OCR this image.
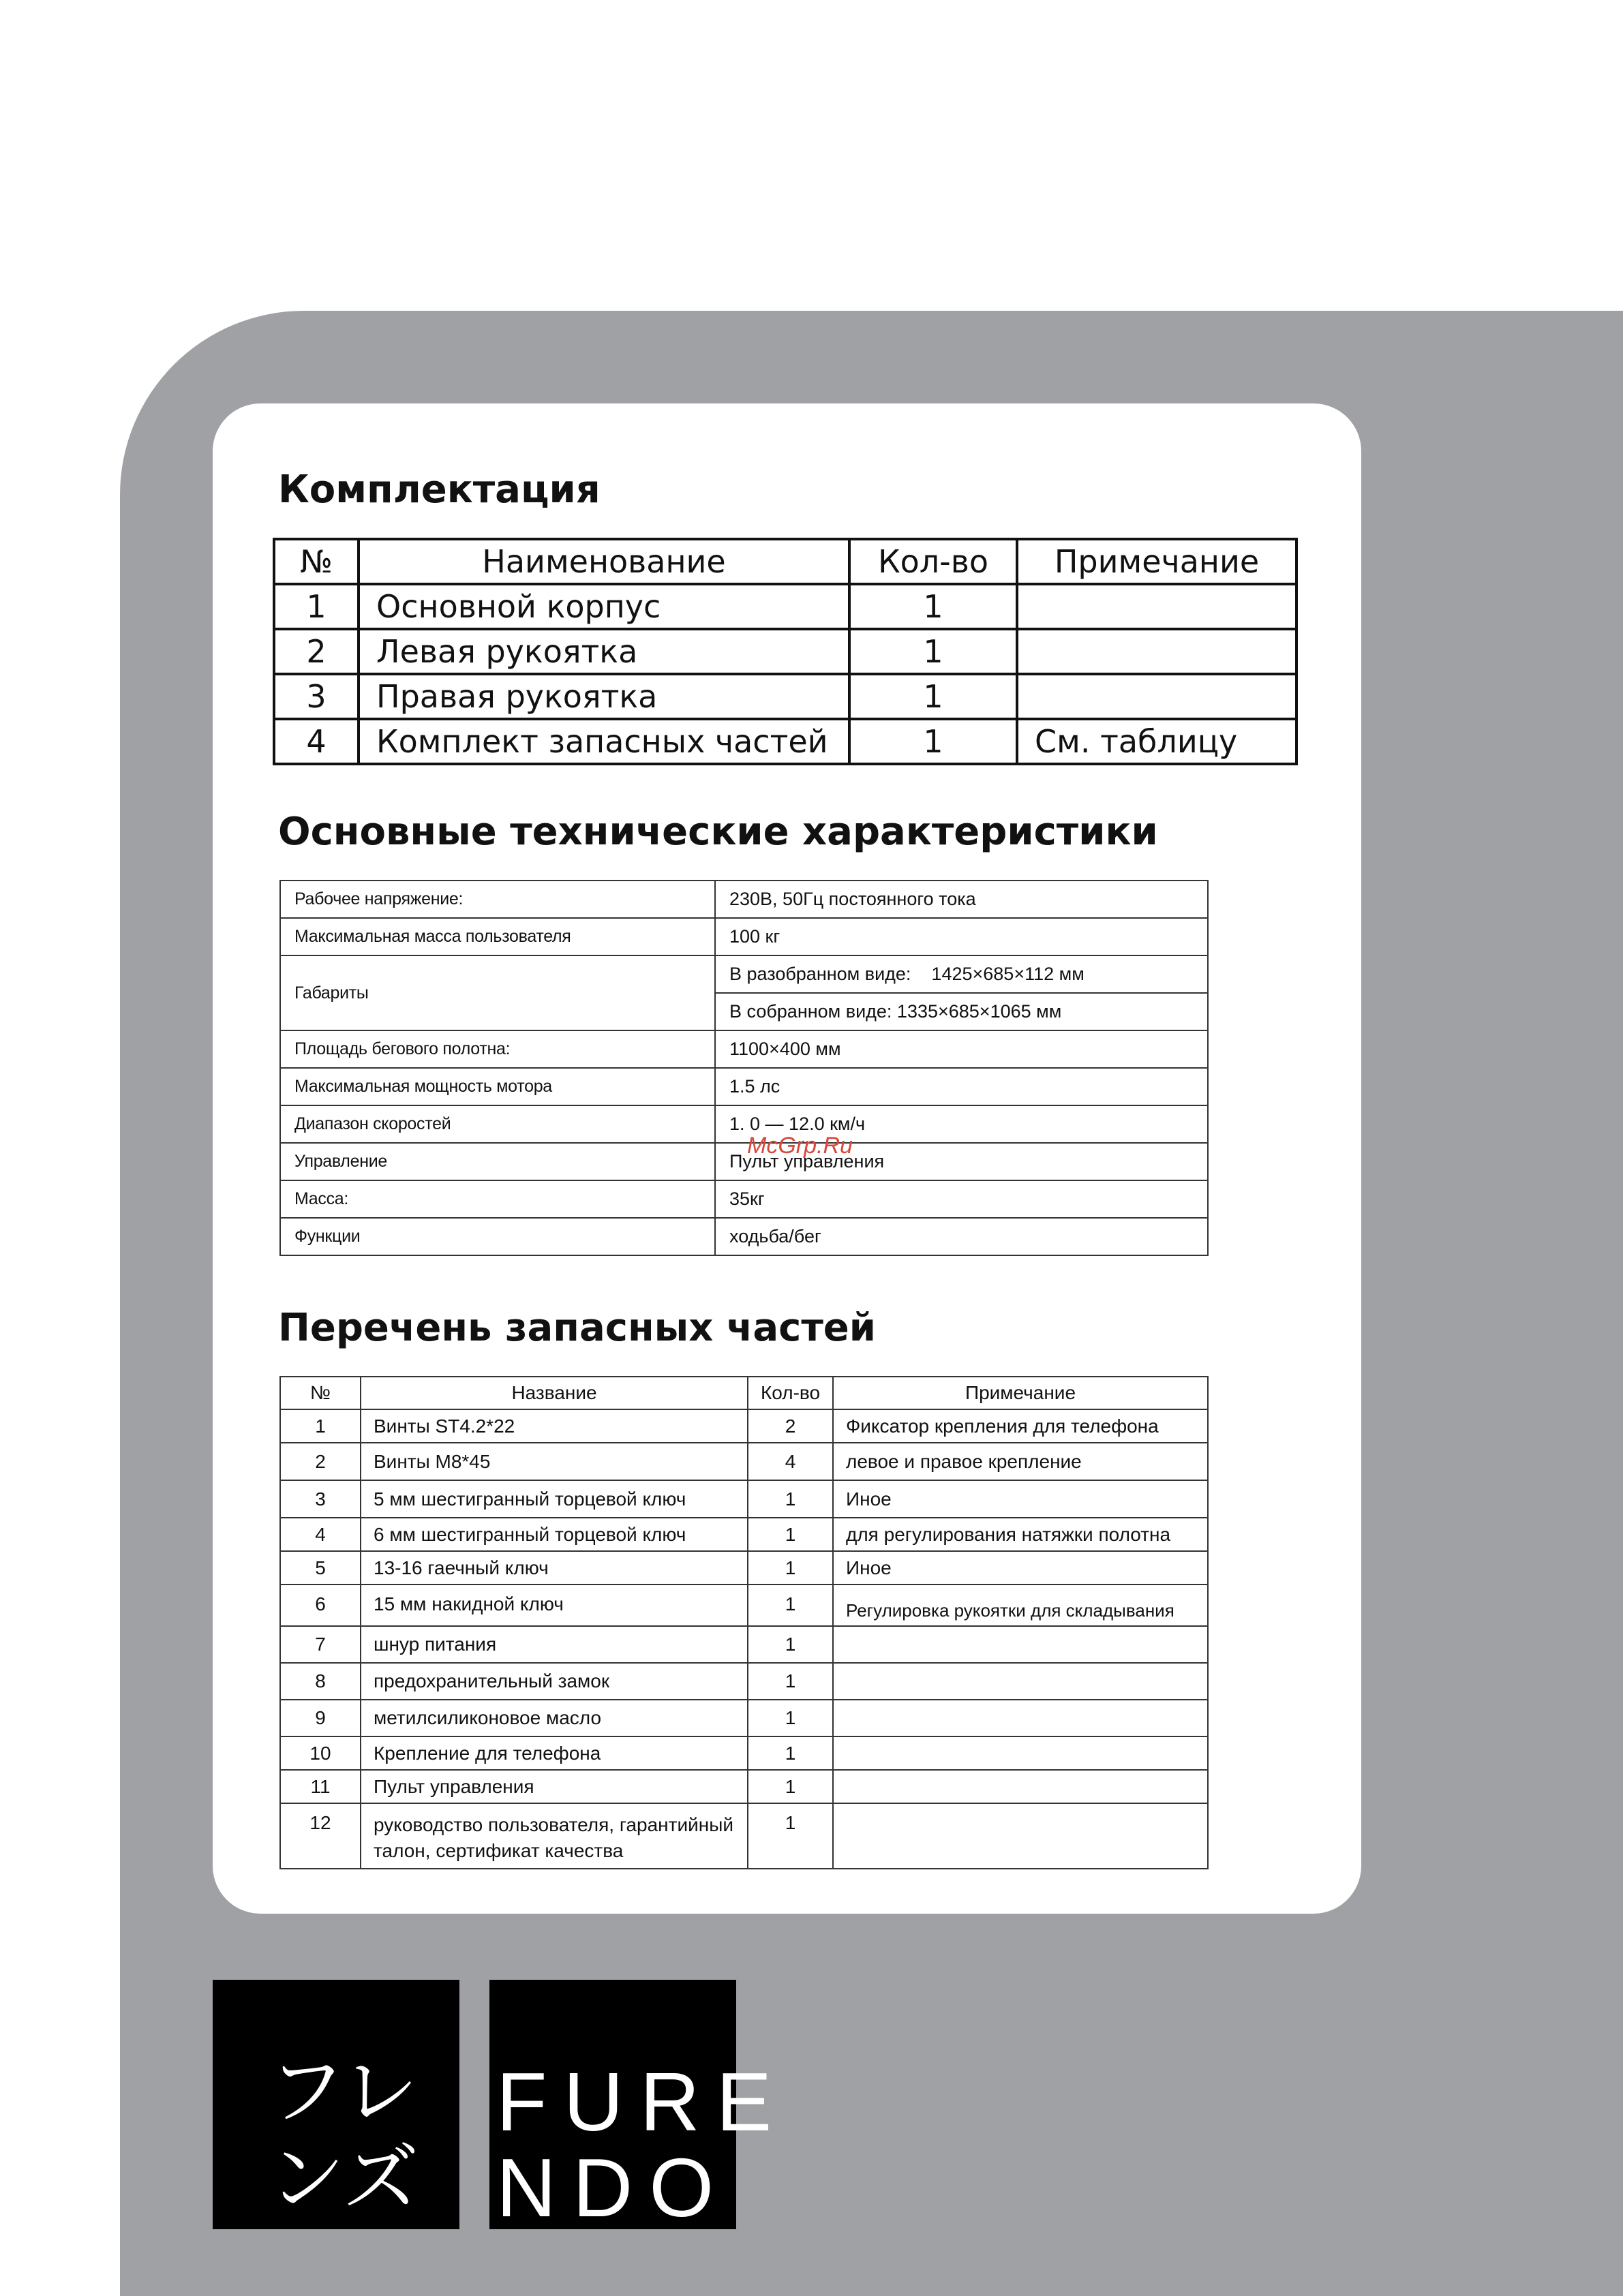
Комплектация
№	Наименование	Кол-во	Примечание
1	Основной корпус	1	
2	Левая рукоятка	1	
3	Правая рукоятка	1	
4	Комплект запасных частей	1	См. таблицу
Основные технические характеристики
Рабочее напряжение:	230В, 50Гц постоянного тока
Максимальная масса пользователя	100 кг
Габариты	В разобранном виде:    1425×685×112 мм
	В собранном виде: 1335×685×1065 мм
Площадь бегового полотна:	1100×400 мм
Максимальная мощность мотора	1.5 лс
Диапазон скоростей	1. 0 — 12.0 км/ч
Управление	Пульт управления
Масса:	35кг
Функции	ходьба/бег
McGrp.Ru
Перечень запасных частей
№	Название	Кол-во	Примечание
1	Винты ST4.2*22	2	Фиксатор крепления для телефона
2	Винты M8*45	4	левое и правое крепление
3	5 мм шестигранный торцевой ключ	1	Иное
4	6 мм шестигранный торцевой ключ	1	для регулирования натяжки полотна
5	13-16 гаечный ключ	1	Иное
6	15 мм накидной ключ	1	Регулировка рукоятки для складывания
7	шнур питания	1	
8	предохранительный замок	1	
9	метилсиликоновое масло	1	
10	Крепление для телефона	1	
11	Пульт управления	1	
12	руководство пользователя, гарантийный талон, сертификат качества	1	
フレ
ンズ
FURE
NDO
